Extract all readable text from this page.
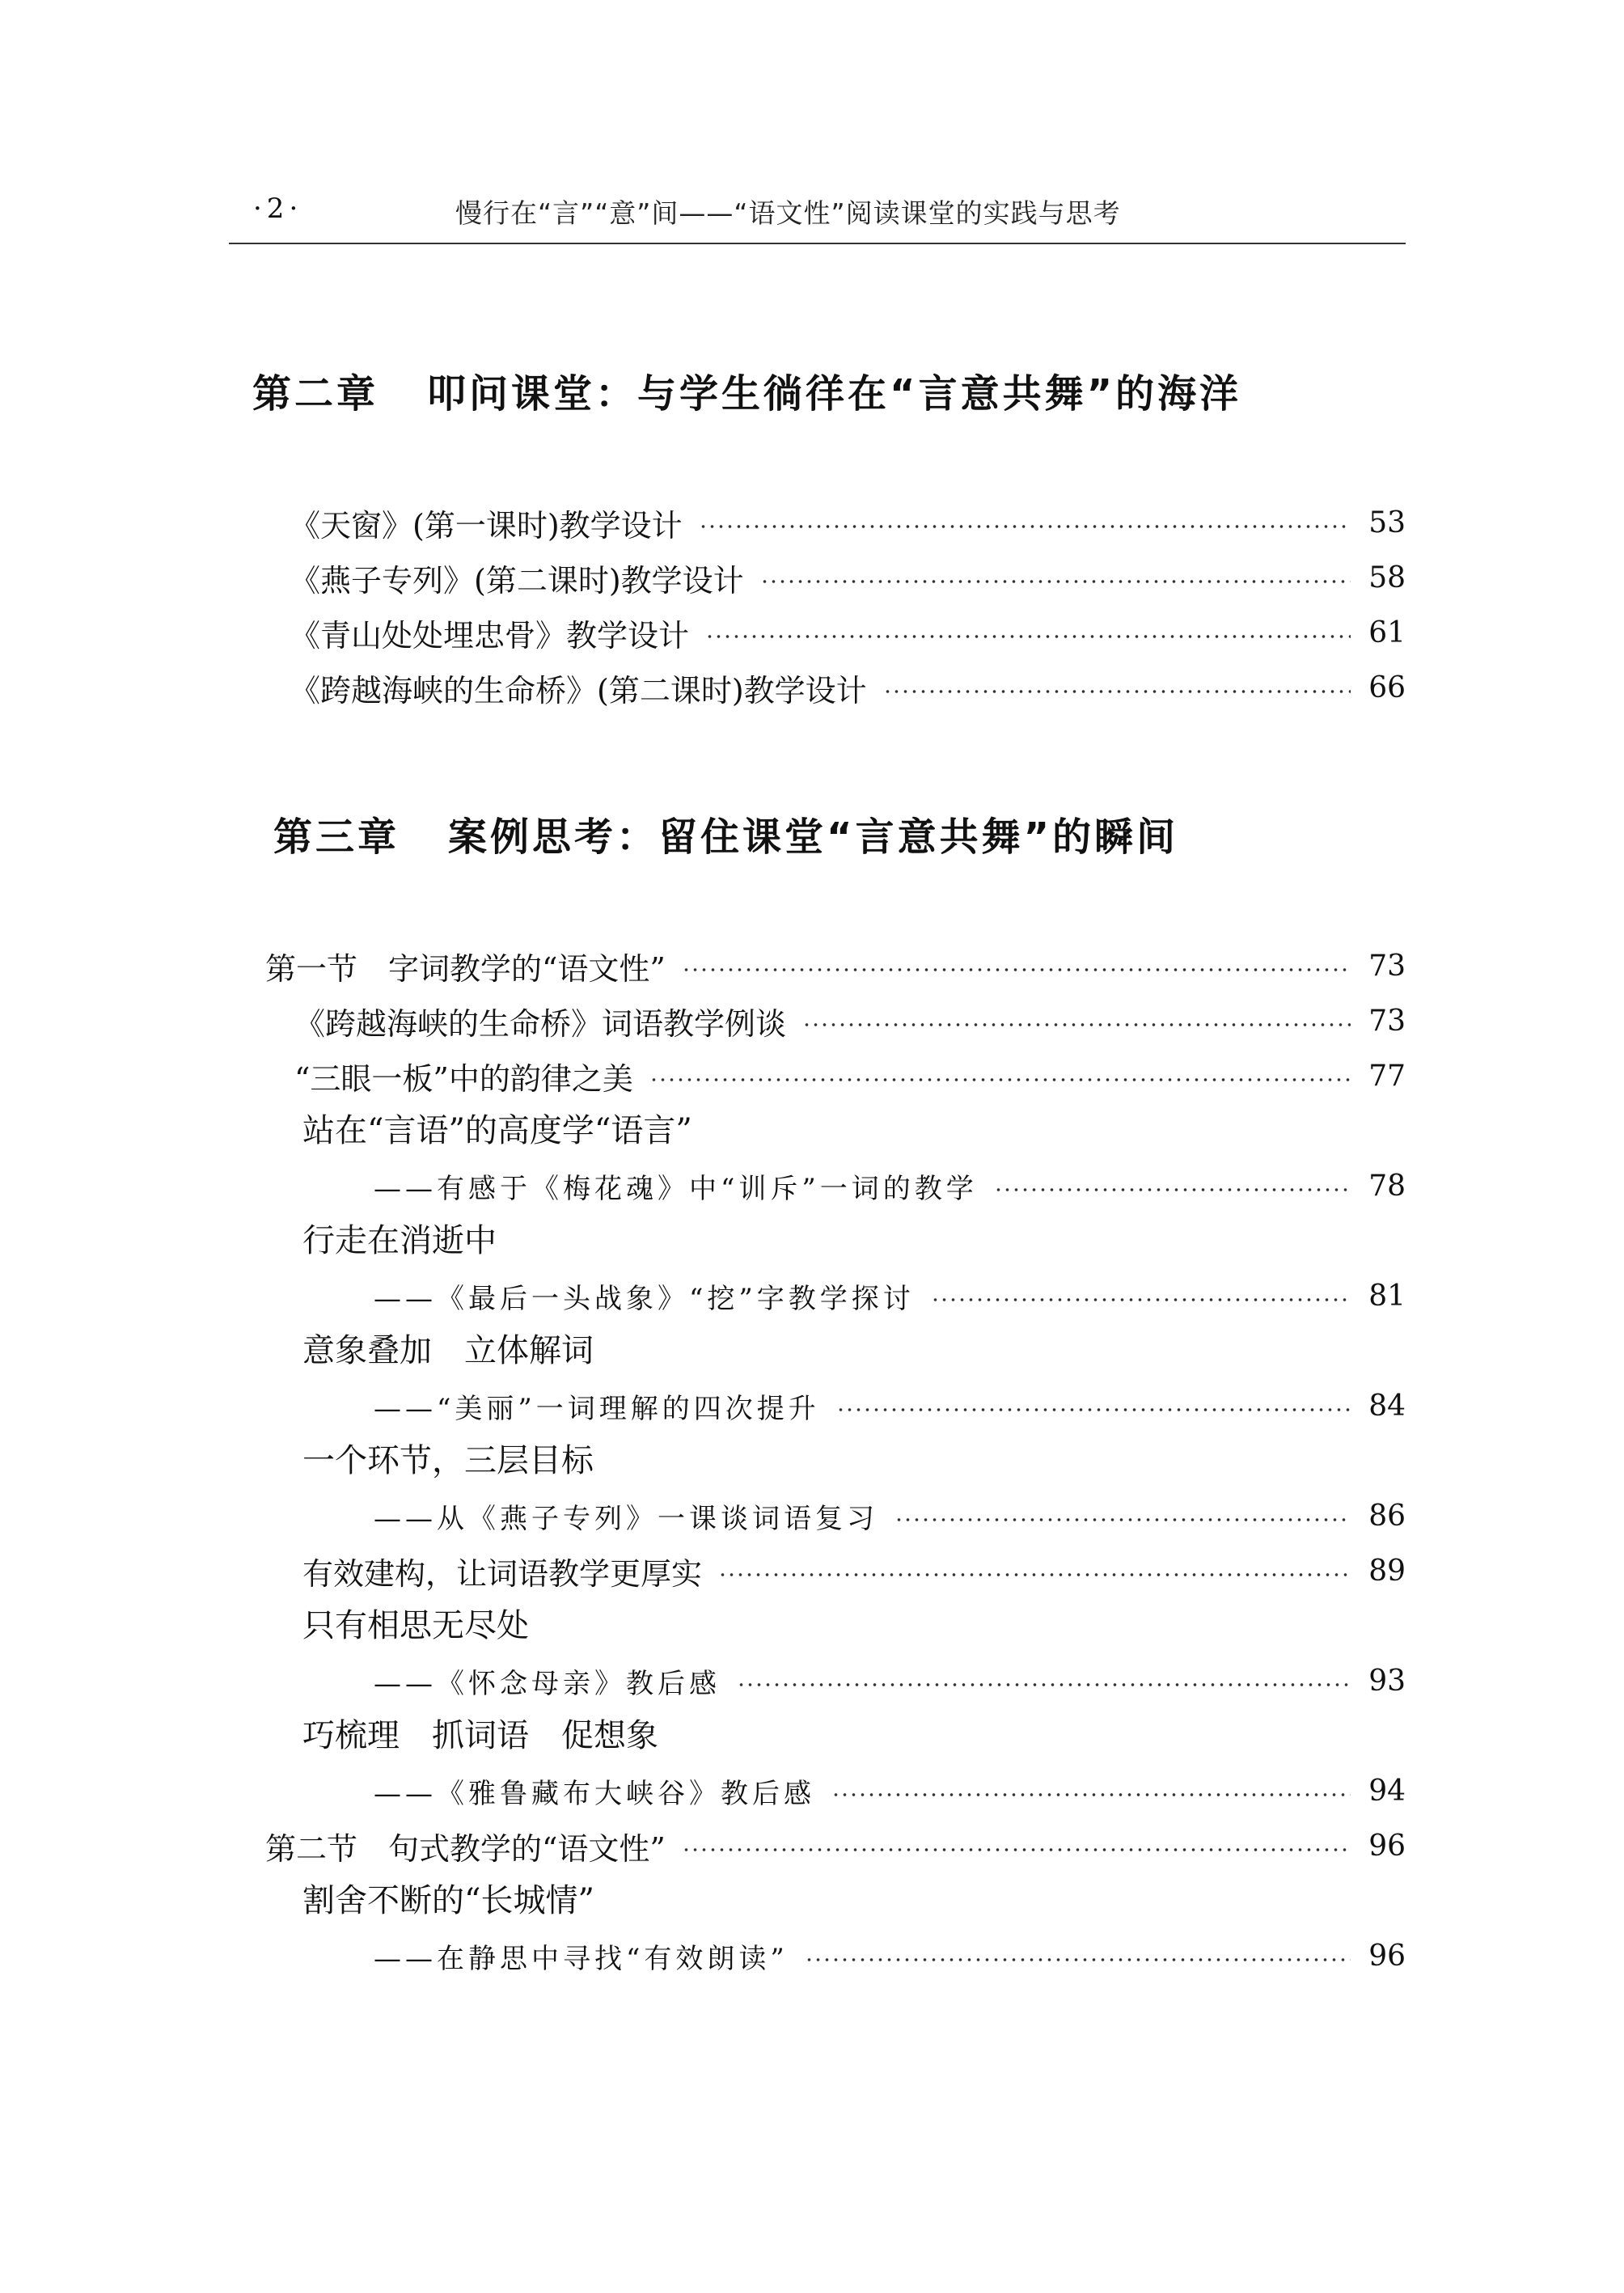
·2·	慢行在“言”“意”间——“语文性”阅读课堂的实践与思考
第二章 叩问课堂：与学生徜徉在“言意共舞”的海洋
《天窗》(第一课时)教学设计	53
《燕子专列》(第二课时)教学设计	58
《青山处处埋忠骨》教学设计	61
《跨越海峡的生命桥》(第二课时)教学设计	66
第三章 案例思考：留住课堂“言意共舞”的瞬间
第一节　字词教学的“语文性”	73
《跨越海峡的生命桥》词语教学例谈	73
“三眼一板”中的韵律之美	77
站在“言语”的高度学“语言”
——有感于《梅花魂》中“训斥”一词的教学	78
行走在消逝中
——《最后一头战象》“挖”字教学探讨	81
意象叠加　立体解词
——“美丽”一词理解的四次提升	84
一个环节，三层目标
——从《燕子专列》一课谈词语复习	86
有效建构，让词语教学更厚实	89
只有相思无尽处
——《怀念母亲》教后感	93
巧梳理　抓词语　促想象
——《雅鲁藏布大峡谷》教后感	94
第二节　句式教学的“语文性”	96
割舍不断的“长城情”
——在静思中寻找“有效朗读”	96
